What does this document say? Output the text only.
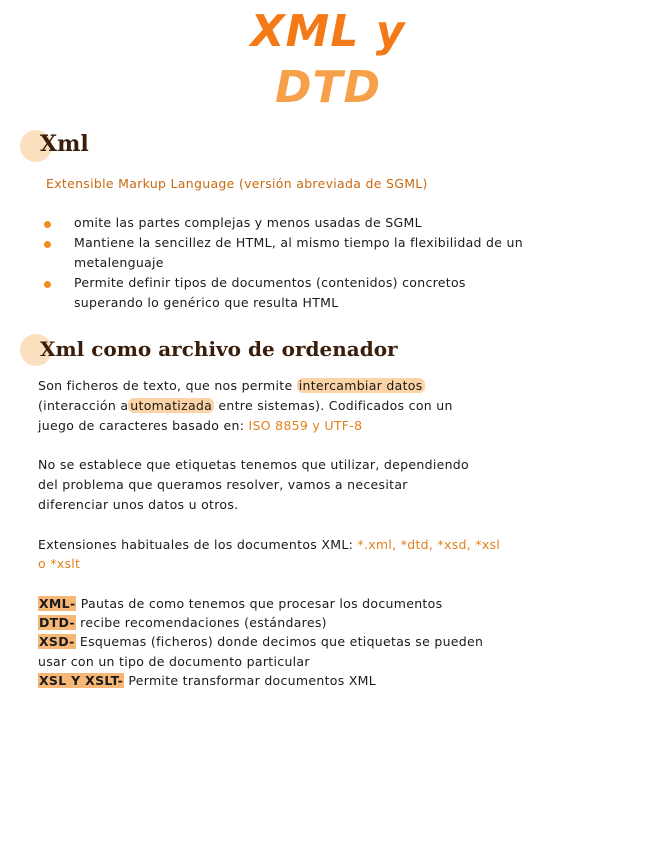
XML y
DTD
Xml
Extensible Markup Language (versión abreviada de SGML)
omite las partes complejas y menos usadas de SGML
Mantiene la sencillez de HTML, al mismo tiempo la flexibilidad de un
metalenguaje
Permite definir tipos de documentos (contenidos) concretos
superando lo genérico que resulta HTML
Xml como archivo de ordenador
Son ficheros de texto, que nos permite intercambiar datos
(interacción a utomatizada entre sistemas). Codificados con un
juego de caracteres basado en: ISO 8859 y UTF-8
No se establece que etiquetas tenemos que utilizar, dependiendo
del problema que queramos resolver, vamos a necesitar
diferenciar unos datos u otros.
Extensiones habituales de los documentos XML: *.xml, *dtd, *xsd, *xsl
o *xslt
XML- Pautas de como tenemos que procesar los documentos
DTD- recibe recomendaciones (estándares)
XSD- Esquemas (ficheros) donde decimos que etiquetas se pueden
usar con un tipo de documento particular
XSL Y XSLT- Permite transformar documentos XML
